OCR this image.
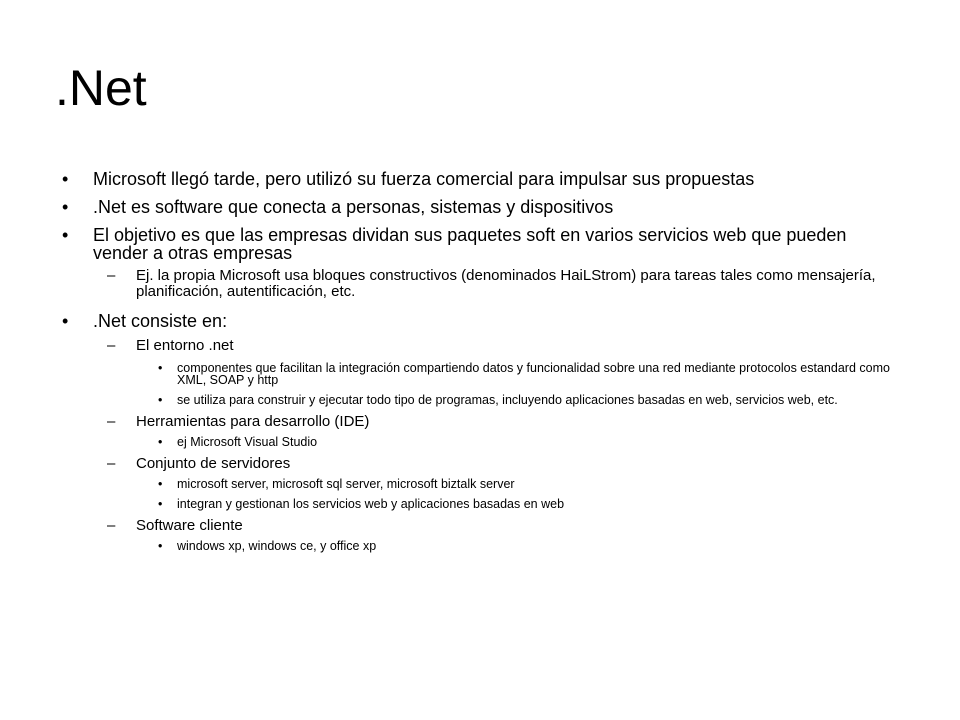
.Net
• Microsoft llegó tarde, pero utilizó su fuerza comercial para impulsar sus propuestas
• .Net es software que conecta a personas, sistemas y dispositivos
• El objetivo es que las empresas dividan sus paquetes soft en varios servicios web que pueden vender a otras empresas
– Ej. la propia Microsoft usa bloques constructivos (denominados HaiLStrom) para tareas tales como mensajería, planificación, autentificación, etc.
• .Net consiste en:
– El entorno .net
• componentes que facilitan la integración compartiendo datos y funcionalidad sobre una red mediante protocolos estandard como XML, SOAP y http
• se utiliza para construir y ejecutar todo tipo de programas, incluyendo aplicaciones basadas en web, servicios web, etc.
– Herramientas para desarrollo (IDE)
• ej Microsoft Visual Studio
– Conjunto de servidores
• microsoft server, microsoft sql server, microsoft biztalk server
• integran y gestionan los servicios web y aplicaciones basadas en web
– Software cliente
• windows xp, windows ce, y office xp
